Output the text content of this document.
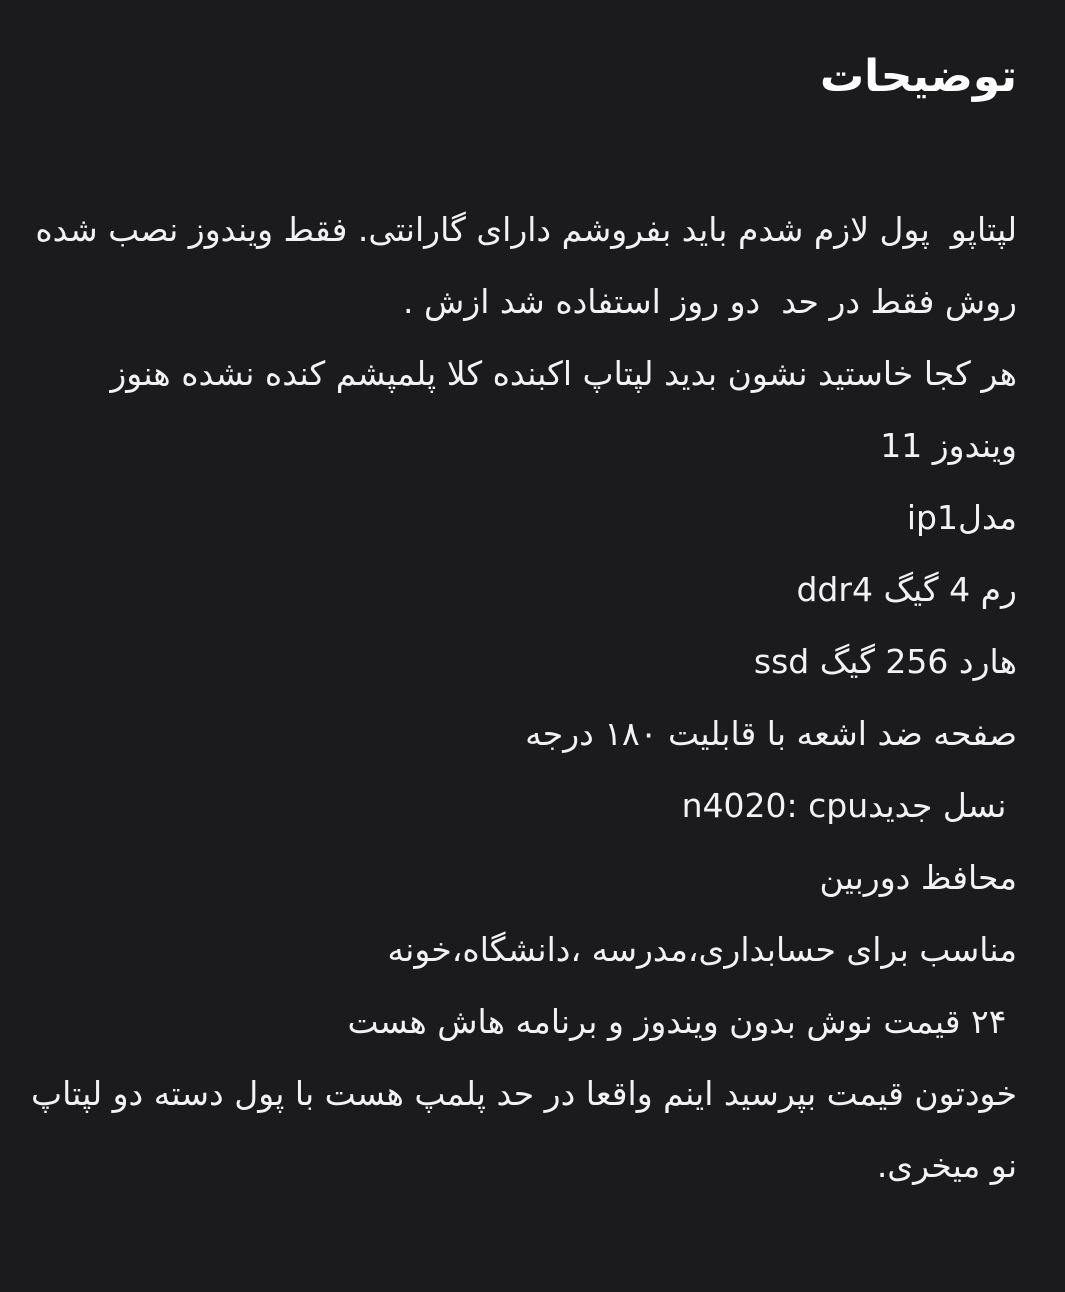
توضیحات
لپتاپو  پول لازم شدم باید بفروشم دارای گارانتی. فقط ویندوز نصب شده روش فقط در حد  دو روز استفاده شد ازش .
هر کجا خاستید نشون بدید لپتاپ اکبنده کلا پلمپشم کنده نشده هنوز
ویندوز 11
مدلip1
رم 4 گیگ ddr4
هارد 256 گیگ ssd
صفحه ضد اشعه با قابلیت ۱۸۰ درجه
نسل جدیدn4020: cpu
محافظ دوربین
مناسب برای حسابداری،مدرسه ،دانشگاه،خونه
۲۴ قیمت نوش بدون ویندوز و برنامه هاش هست
خودتون قیمت بپرسید اینم واقعا در حد پلمپ هست با پول دسته دو لپتاپ نو میخری.
